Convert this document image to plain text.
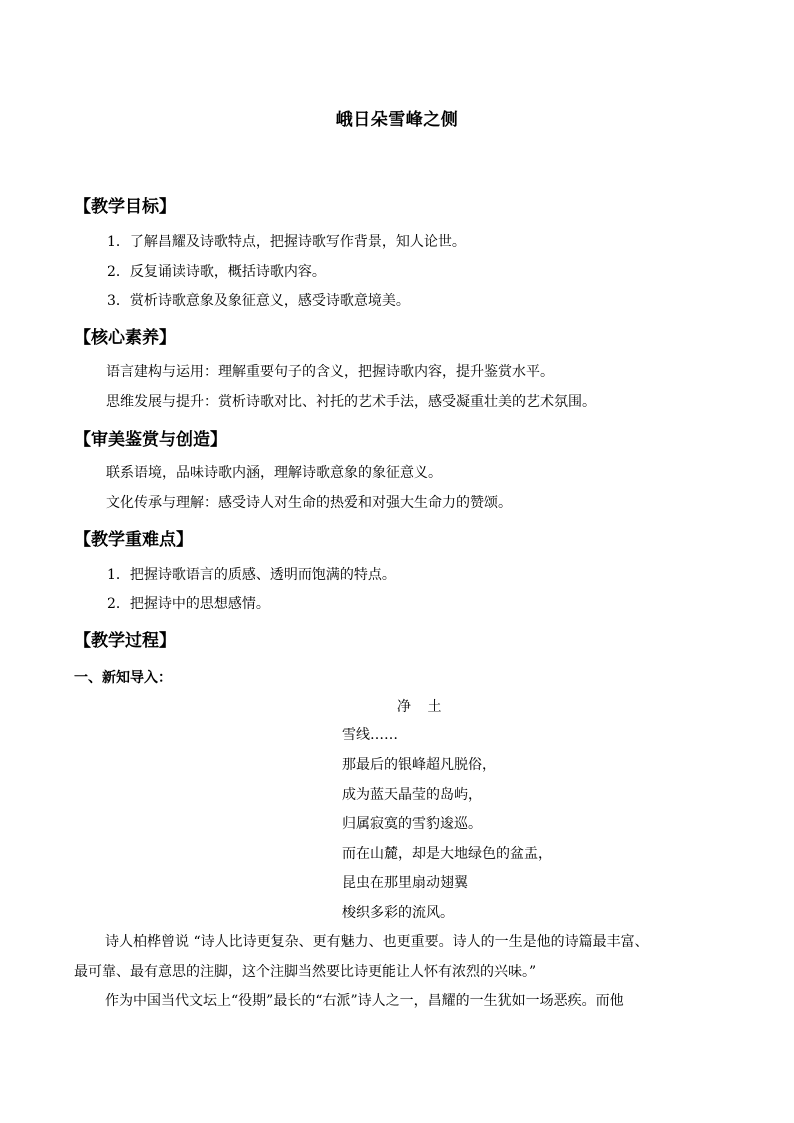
峨日朵雪峰之侧
【教学目标】
1．了解昌耀及诗歌特点，把握诗歌写作背景，知人论世。
2．反复诵读诗歌，概括诗歌内容。
3．赏析诗歌意象及象征意义，感受诗歌意境美。
【核心素养】
语言建构与运用：理解重要句子的含义，把握诗歌内容，提升鉴赏水平。
思维发展与提升：赏析诗歌对比、衬托的艺术手法，感受凝重壮美的艺术氛围。
【审美鉴赏与创造】
联系语境，品味诗歌内涵，理解诗歌意象的象征意义。
文化传承与理解：感受诗人对生命的热爱和对强大生命力的赞颂。
【教学重难点】
1．把握诗歌语言的质感、透明而饱满的特点。
2．把握诗中的思想感情。
【教学过程】
一、新知导入：
净 土
雪线……
那最后的银峰超凡脱俗，
成为蓝天晶莹的岛屿，
归属寂寞的雪豹逡巡。
而在山麓，却是大地绿色的盆盂，
昆虫在那里扇动翅翼
梭织多彩的流风。
诗人柏桦曾说 “诗人比诗更复杂、更有魅力、也更重要。诗人的一生是他的诗篇最丰富、
最可靠、最有意思的注脚，这个注脚当然要比诗更能让人怀有浓烈的兴味。”
作为中国当代文坛上“役期”最长的“右派”诗人之一，昌耀的一生犹如一场恶疾。而他
